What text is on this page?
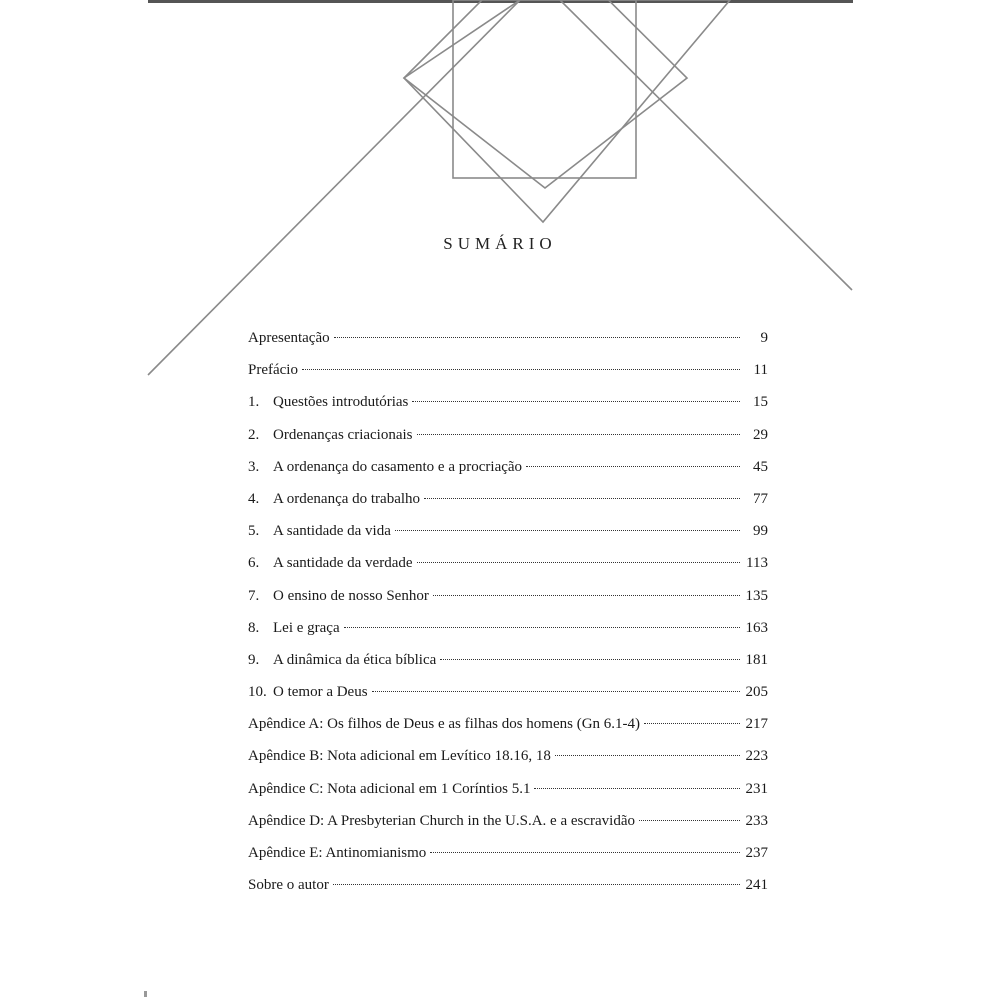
SUMÁRIO
Apresentação	9
Prefácio	11
1. Questões introdutórias	15
2. Ordenanças criacionais	29
3. A ordenança do casamento e a procriação	45
4. A ordenança do trabalho	77
5. A santidade da vida	99
6. A santidade da verdade	113
7. O ensino de nosso Senhor	135
8. Lei e graça	163
9. A dinâmica da ética bíblica	181
10. O temor a Deus	205
Apêndice A: Os filhos de Deus e as filhas dos homens (Gn 6.1-4)	217
Apêndice B: Nota adicional em Levítico 18.16, 18	223
Apêndice C: Nota adicional em 1 Coríntios 5.1	231
Apêndice D: A Presbyterian Church in the U.S.A. e a escravidão	233
Apêndice E: Antinomianismo	237
Sobre o autor	241
